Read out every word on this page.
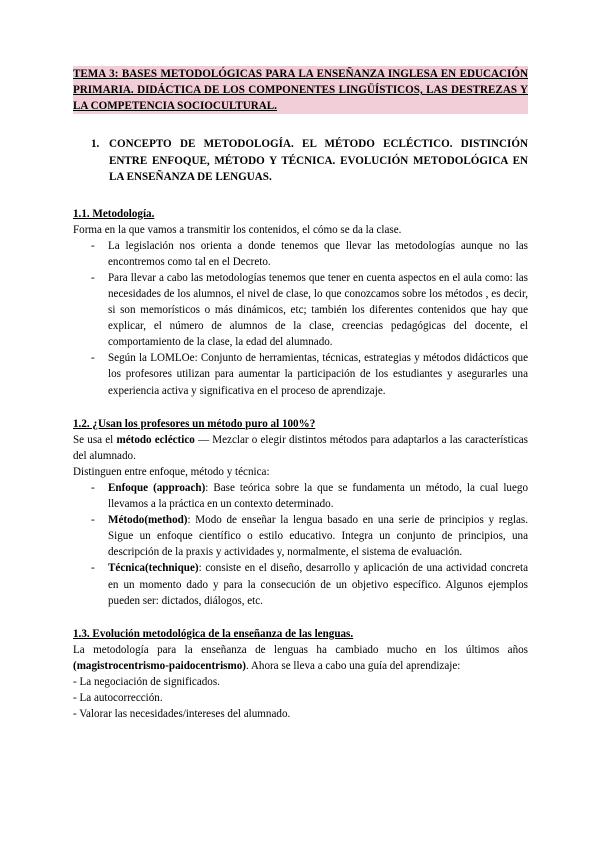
TEMA 3: BASES METODOLÓGICAS PARA LA ENSEÑANZA INGLESA EN EDUCACIÓN PRIMARIA. DIDÁCTICA DE LOS COMPONENTES LINGÜÍSTICOS, LAS DESTREZAS Y LA COMPETENCIA SOCIOCULTURAL.

1. CONCEPTO DE METODOLOGÍA. EL MÉTODO ECLÉCTICO. DISTINCIÓN ENTRE ENFOQUE, MÉTODO Y TÉCNICA. EVOLUCIÓN METODOLÓGICA EN LA ENSEÑANZA DE LENGUAS.

1.1. Metodología.

Forma en la que vamos a transmitir los contenidos, el cómo se da la clase.

-	La legislación nos orienta a donde tenemos que llevar las metodologías aunque no las encontremos como tal en el Decreto.
-	Para llevar a cabo las metodologías tenemos que tener en cuenta aspectos en el aula como: las necesidades de los alumnos, el nivel de clase, lo que conozcamos sobre los métodos , es decir, si son memorísticos o más dinámicos, etc; también los diferentes contenidos que hay que explicar, el número de alumnos de la clase, creencias pedagógicas del docente, el comportamiento de la clase, la edad del alumnado.
-	Según la LOMLOe: Conjunto de herramientas, técnicas, estrategias y métodos didácticos que los profesores utilizan para aumentar la participación de los estudiantes y asegurarles una experiencia activa y significativa en el proceso de aprendizaje.

1.2. ¿Usan los profesores un método puro al 100%?

Se usa el método ecléctico — Mezclar o elegir distintos métodos para adaptarlos a las características del alumnado.

Distinguen entre enfoque, método y técnica:

-	Enfoque (approach): Base teórica sobre la que se fundamenta un método, la cual luego llevamos a la práctica en un contexto determinado.
-	Método(method): Modo de enseñar la lengua basado en una serie de principios y reglas. Sigue un enfoque científico o estilo educativo. Integra un conjunto de principios, una descripción de la praxis y actividades y, normalmente, el sistema de evaluación.
-	Técnica(technique): consiste en el diseño, desarrollo y aplicación de una actividad concreta en un momento dado y para la consecución de un objetivo específico. Algunos ejemplos pueden ser: dictados, diálogos, etc.

1.3. Evolución metodológica de la enseñanza de las lenguas.

La metodología para la enseñanza de lenguas ha cambiado mucho en los últimos años (magistrocentrismo-paidocentrismo). Ahora se lleva a cabo una guía del aprendizaje:

- La negociación de significados.

- La autocorrección.

- Valorar las necesidades/intereses del alumnado.
